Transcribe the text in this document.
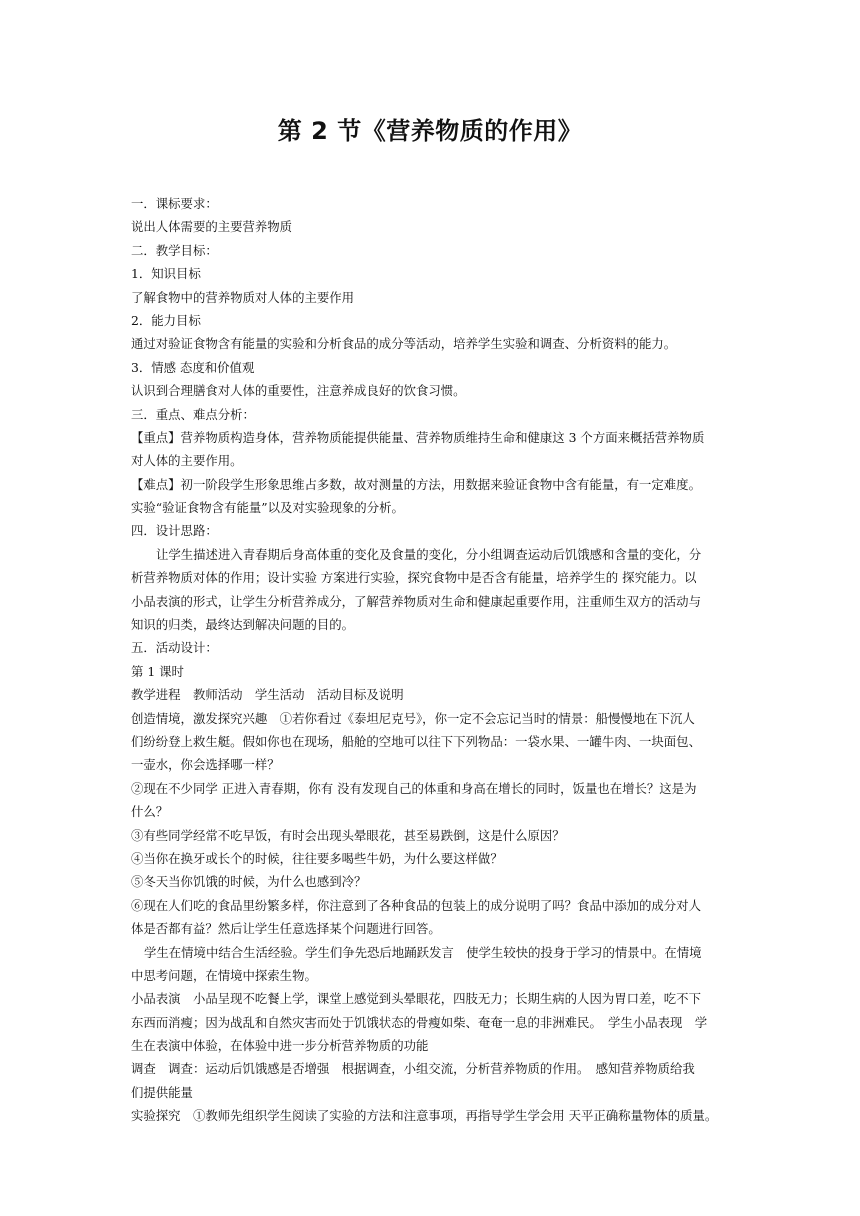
第 2 节《营养物质的作用》
一．课标要求：
说出人体需要的主要营养物质
二．教学目标：
1．知识目标
了解食物中的营养物质对人体的主要作用
2．能力目标
通过对验证食物含有能量的实验和分析食品的成分等活动，培养学生实验和调查、分析资料的能力。
3．情感 态度和价值观
认识到合理膳食对人体的重要性，注意养成良好的饮食习惯。
三．重点、难点分析：
【重点】营养物质构造身体，营养物质能提供能量、营养物质维持生命和健康这 3 个方面来概括营养物质
对人体的主要作用。
【难点】初一阶段学生形象思维占多数，故对测量的方法，用数据来验证食物中含有能量，有一定难度。
实验“验证食物含有能量”以及对实验现象的分析。
四．设计思路：
让学生描述进入青春期后身高体重的变化及食量的变化，分小组调查运动后饥饿感和含量的变化，分
析营养物质对体的作用；设计实验 方案进行实验，探究食物中是否含有能量，培养学生的 探究能力。以
小品表演的形式，让学生分析营养成分，了解营养物质对生命和健康起重要作用，注重师生双方的活动与
知识的归类，最终达到解决问题的目的。
五．活动设计：
第 1 课时
教学进程　教师活动　学生活动　活动目标及说明
创造情境，激发探究兴趣　①若你看过《泰坦尼克号》，你一定不会忘记当时的情景：船慢慢地在下沉人
们纷纷登上救生艇。假如你也在现场，船舱的空地可以往下下列物品：一袋水果、一罐牛肉、一块面包、
一壶水，你会选择哪一样？
②现在不少同学 正进入青春期，你有 没有发现自己的体重和身高在增长的同时，饭量也在增长？这是为
什么？
③有些同学经常不吃早饭，有时会出现头晕眼花，甚至易跌倒，这是什么原因？
④当你在换牙或长个的时候，往往要多喝些牛奶，为什么要这样做？
⑤冬天当你饥饿的时候，为什么也感到冷？
⑥现在人们吃的食品里纷繁多样，你注意到了各种食品的包装上的成分说明了吗？食品中添加的成分对人
体是否都有益？然后让学生任意选择某个问题进行回答。
学生在情境中结合生活经验。学生们争先恐后地踊跃发言　使学生较快的投身于学习的情景中。在情境
中思考问题，在情境中探索生物。
小品表演　小品呈现不吃餐上学，课堂上感觉到头晕眼花，四肢无力；长期生病的人因为胃口差，吃不下
东西而消瘦；因为战乱和自然灾害而处于饥饿状态的骨瘦如柴、奄奄一息的非洲难民。　学生小品表现　学
生在表演中体验，在体验中进一步分析营养物质的功能
调查　调查：运动后饥饿感是否增强　根据调查，小组交流，分析营养物质的作用。　感知营养物质给我
们提供能量
实验探究　①教师先组织学生阅读了实验的方法和注意事项，再指导学生学会用 天平正确称量物体的质量。
